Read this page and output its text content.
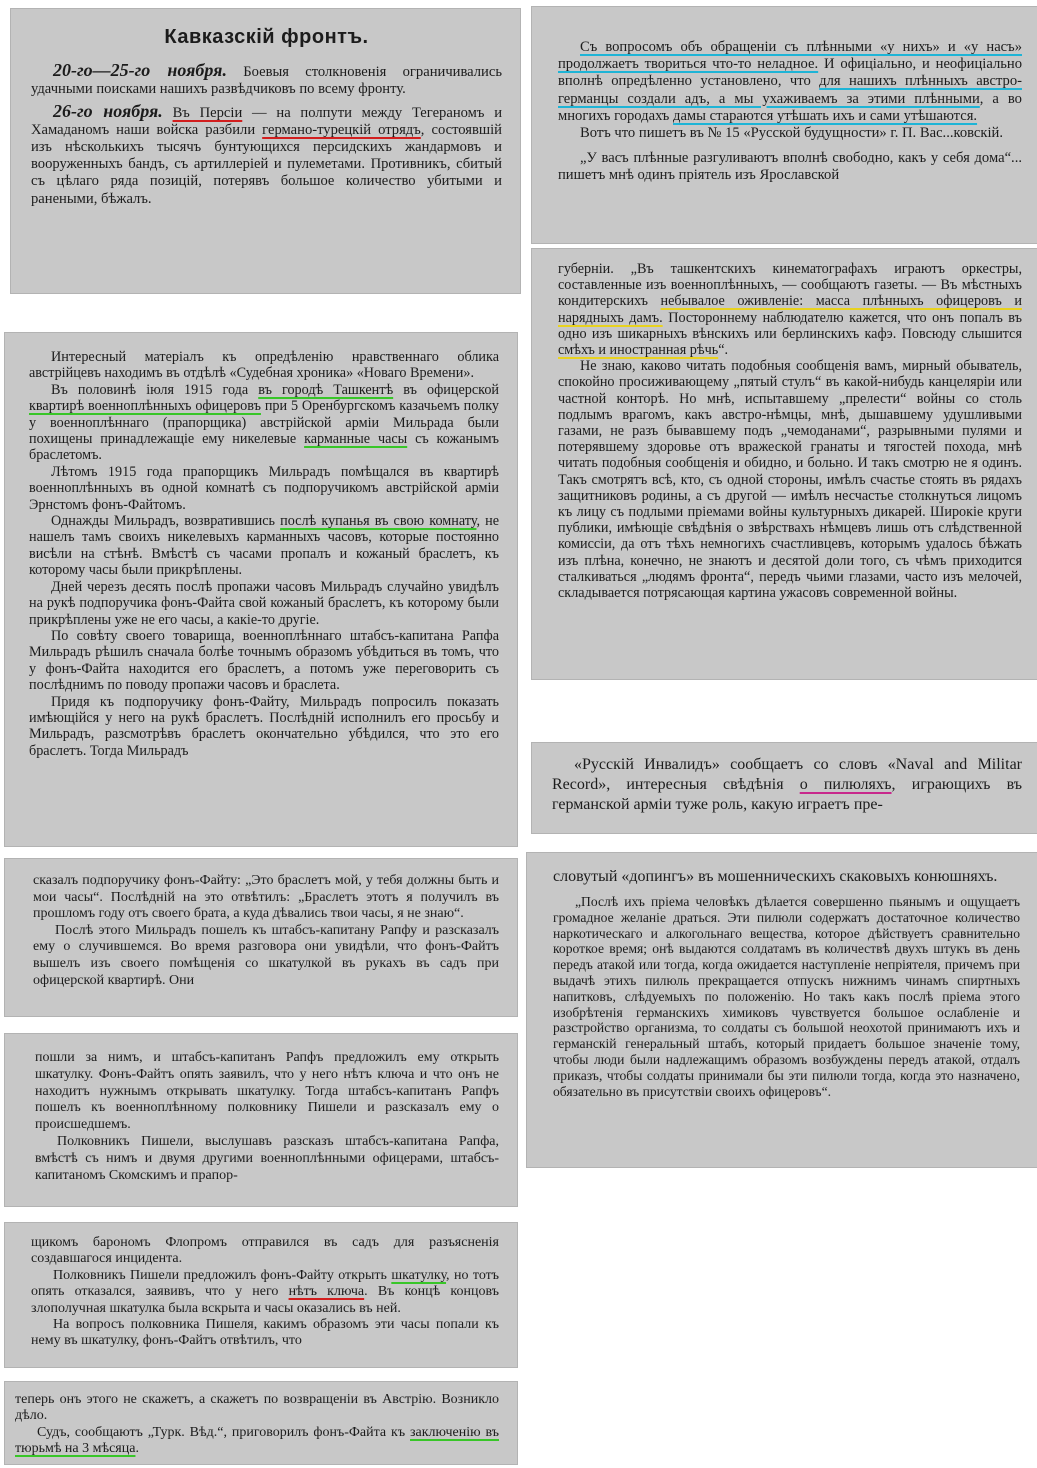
Кавказскій фронтъ.

20-го—25-го ноября. Боевыя столкновенія ограничивались удачными поисками нашихъ развѣдчиковъ по всему фронту.

26-го ноября. Въ Персіи — на полпути между Тегераномъ и Хамаданомъ наши войска разбили германо-турецкій отрядъ, состоявшій изъ нѣсколькихъ тысячъ бунтующихся персидскихъ жандармовъ и вооруженныхъ бандъ, съ артиллеріей и пулеметами. Противникъ, сбитый съ цѣлаго ряда позицій, потерявъ большое количество убитыми и ранеными, бѣжалъ.

Съ вопросомъ объ обращеніи съ плѣнными «у нихъ» и «у насъ» продолжаетъ твориться что-то неладное. И офиціально, и неофиціально вполнѣ опредѣленно установлено, что для нашихъ плѣнныхъ австро-германцы создали адъ, а мы ухаживаемъ за этими плѣнными, а во многихъ городахъ дамы стараются утѣшать ихъ и сами утѣшаются.

Вотъ что пишетъ въ № 15 «Русской будущности» г. П. Вас...ковскій.

„У васъ плѣнные разгуливаютъ вполнѣ свободно, какъ у себя дома“... пишетъ мнѣ одинъ пріятель изъ Ярославской

губерніи. „Въ ташкентскихъ кинематографахъ играютъ оркестры, составленные изъ военноплѣнныхъ, — сообщаютъ газеты. — Въ мѣстныхъ кондитерскихъ небывалое оживленіе: масса плѣнныхъ офицеровъ и нарядныхъ дамъ. Постороннему наблюдателю кажется, что онъ попалъ въ одно изъ шикарныхъ вѣнскихъ или берлинскихъ кафэ. Повсюду слышится смѣхъ и иностранная рѣчь“.

Не знаю, каково читать подобныя сообщенія вамъ, мирный обыватель, спокойно просиживающему „пятый стулъ“ въ какой-нибудь канцеляріи или частной конторѣ. Но мнѣ, испытавшему „прелести“ войны со столь подлымъ врагомъ, какъ австро-нѣмцы, мнѣ, дышавшему удушливыми газами, не разъ бывавшему подъ „чемоданами“, разрывными пулями и потерявшему здоровье отъ вражеской гранаты и тягостей похода, мнѣ читать подобныя сообщенія и обидно, и больно. И такъ смотрю не я одинъ. Такъ смотрятъ всѣ, кто, съ одной стороны, имѣлъ счастье стоять въ рядахъ защитниковъ родины, а съ другой — имѣлъ несчастье столкнуться лицомъ къ лицу съ подлыми пріемами войны культурныхъ дикарей. Широкіе круги публики, имѣющіе свѣдѣнія о звѣрствахъ нѣмцевъ лишь отъ слѣдственной комиссіи, да отъ тѣхъ немногихъ счастливцевъ, которымъ удалось бѣжать изъ плѣна, конечно, не знаютъ и десятой доли того, съ чѣмъ приходится сталкиваться „людямъ фронта“, передъ чьими глазами, часто изъ мелочей, складывается потрясающая картина ужасовъ современной войны.

«Русскій Инвалидъ» сообщаетъ со словъ «Naval and Militar Record», интересныя свѣдѣнія о пилюляхъ, играющихъ въ германской арміи туже роль, какую играетъ пре-

словутый «допингъ» въ мошенническихъ скаковыхъ конюшняхъ.

„Послѣ ихъ пріема человѣкъ дѣлается совершенно пьянымъ и ощущаетъ громадное желаніе драться. Эти пилюли содержатъ достаточное количество наркотическаго и алкогольнаго вещества, которое дѣйствуетъ сравнительно короткое время; онѣ выдаются солдатамъ въ количествѣ двухъ штукъ въ день передъ атакой или тогда, когда ожидается наступленіе непріятеля, причемъ при выдачѣ этихъ пилюль прекращается отпускъ нижнимъ чинамъ спиртныхъ напитковъ, слѣдуемыхъ по положенію. Но такъ какъ послѣ пріема этого изобрѣтенія германскихъ химиковъ чувствуется большое ослабленіе и разстройство организма, то солдаты съ большой неохотой принимаютъ ихъ и германскій генеральный штабъ, который придаетъ большое значеніе тому, чтобы люди были надлежащимъ образомъ возбуждены передъ атакой, отдалъ приказъ, чтобы солдаты принимали бы эти пилюли тогда, когда это назначено, обязательно въ присутствіи своихъ офицеровъ“.

Интересный матеріалъ къ опредѣленію нравственнаго облика австрійцевъ находимъ въ отдѣлѣ «Судебная хроника» «Новаго Времени».

Въ половинѣ іюля 1915 года въ городѣ Ташкентѣ въ офицерской квартирѣ военноплѣнныхъ офицеровъ при 5 Оренбургскомъ казачьемъ полку у военноплѣннаго (прапорщика) австрійской арміи Мильрада были похищены принадлежащіе ему никелевые карманные часы съ кожанымъ браслетомъ.

Лѣтомъ 1915 года прапорщикъ Мильрадъ помѣщался въ квартирѣ военноплѣнныхъ въ одной комнатѣ съ подпоручикомъ австрійской арміи Эрнстомъ фонъ-Файтомъ.

Однажды Мильрадъ, возвратившись послѣ купанья въ свою комнату, не нашелъ тамъ своихъ никелевыхъ карманныхъ часовъ, которые постоянно висѣли на стѣнѣ. Вмѣстѣ съ часами пропалъ и кожаный браслетъ, къ которому часы были прикрѣплены.

Дней черезъ десять послѣ пропажи часовъ Мильрадъ случайно увидѣлъ на рукѣ подпоручика фонъ-Файта свой кожаный браслетъ, къ которому были прикрѣплены уже не его часы, а какіе-то другіе.

По совѣту своего товарища, военноплѣннаго штабсъ-капитана Рапфа Мильрадъ рѣшилъ сначала болѣе точнымъ образомъ убѣдиться въ томъ, что у фонъ-Файта находится его браслетъ, а потомъ уже переговорить съ послѣднимъ по поводу пропажи часовъ и браслета.

Придя къ подпоручику фонъ-Файту, Мильрадъ попросилъ показать имѣющійся у него на рукѣ браслетъ. Послѣдній исполнилъ его просьбу и Мильрадъ, разсмотрѣвъ браслетъ окончательно убѣдился, что это его браслетъ. Тогда Мильрадъ

сказалъ подпоручику фонъ-Файту: „Это браслетъ мой, у тебя должны быть и мои часы“. Послѣдній на это отвѣтилъ: „Браслетъ этотъ я получилъ въ прошломъ году отъ своего брата, а куда дѣвались твои часы, я не знаю“.

Послѣ этого Мильрадъ пошелъ къ штабсъ-капитану Рапфу и разсказалъ ему о случившемся. Во время разговора они увидѣли, что фонъ-Файтъ вышелъ изъ своего помѣщенія со шкатулкой въ рукахъ въ садъ при офицерской квартирѣ. Они

пошли за нимъ, и штабсъ-капитанъ Рапфъ предложилъ ему открыть шкатулку. Фонъ-Файтъ опять заявилъ, что у него нѣтъ ключа и что онъ не находитъ нужнымъ открывать шкатулку. Тогда штабсъ-капитанъ Рапфъ пошелъ къ военноплѣнному полковнику Пишели и разсказалъ ему о происшедшемъ.

Полковникъ Пишели, выслушавъ разсказъ штабсъ-капитана Рапфа, вмѣстѣ съ нимъ и двумя другими военноплѣнными офицерами, штабсъ-капитаномъ Скомскимъ и прапор-

щикомъ барономъ Флопромъ отправился въ садъ для разъясненія создавшагося инцидента.

Полковникъ Пишели предложилъ фонъ-Файту открыть шкатулку, но тотъ опять отказался, заявивъ, что у него нѣтъ ключа. Въ концѣ концовъ злополучная шкатулка была вскрыта и часы оказались въ ней.

На вопросъ полковника Пишеля, какимъ образомъ эти часы попали къ нему въ шкатулку, фонъ-Файтъ отвѣтилъ, что

теперь онъ этого не скажетъ, а скажетъ по возвращеніи въ Австрію. Возникло дѣло.

Судъ, сообщаютъ „Турк. Вѣд.“, приговорилъ фонъ-Файта къ заключенію въ тюрьмѣ на 3 мѣсяца.
